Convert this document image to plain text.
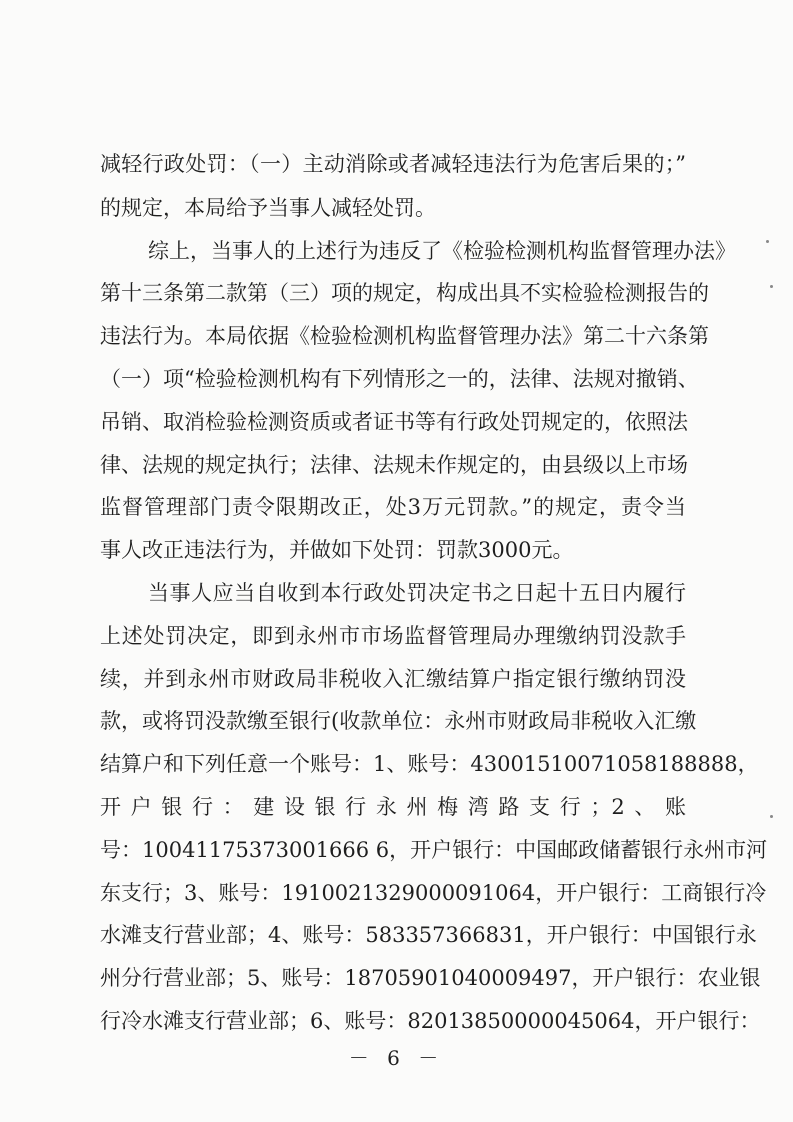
减轻行政处罚：（一）主动消除或者减轻违法行为危害后果的；”
的规定，本局给予当事人减轻处罚。
综上，当事人的上述行为违反了《检验检测机构监督管理办法》
第十三条第二款第（三）项的规定，构成出具不实检验检测报告的
违法行为。本局依据《检验检测机构监督管理办法》第二十六条第
（一）项“检验检测机构有下列情形之一的，法律、法规对撤销、
吊销、取消检验检测资质或者证书等有行政处罚规定的，依照法
律、法规的规定执行；法律、法规未作规定的，由县级以上市场
监督管理部门责令限期改正，处3万元罚款。”的规定，责令当
事人改正违法行为，并做如下处罚：罚款3000元。
当事人应当自收到本行政处罚决定书之日起十五日内履行
上述处罚决定，即到永州市市场监督管理局办理缴纳罚没款手
续，并到永州市财政局非税收入汇缴结算户指定银行缴纳罚没
款，或将罚没款缴至银行(收款单位：永州市财政局非税收入汇缴
结算户和下列任意一个账号：1、账号：43001510071058188888，
开户银行：建设银行永州梅湾路支行；2、账
号：10041175373001666 6，开户银行：中国邮政储蓄银行永州市河
东支行；3、账号：1910021329000091064，开户银行：工商银行冷
水滩支行营业部；4、账号：583357366831，开户银行：中国银行永
州分行营业部；5、账号：18705901040009497，开户银行：农业银
行冷水滩支行营业部；6、账号：82013850000045064，开户银行：
－ 6 －
